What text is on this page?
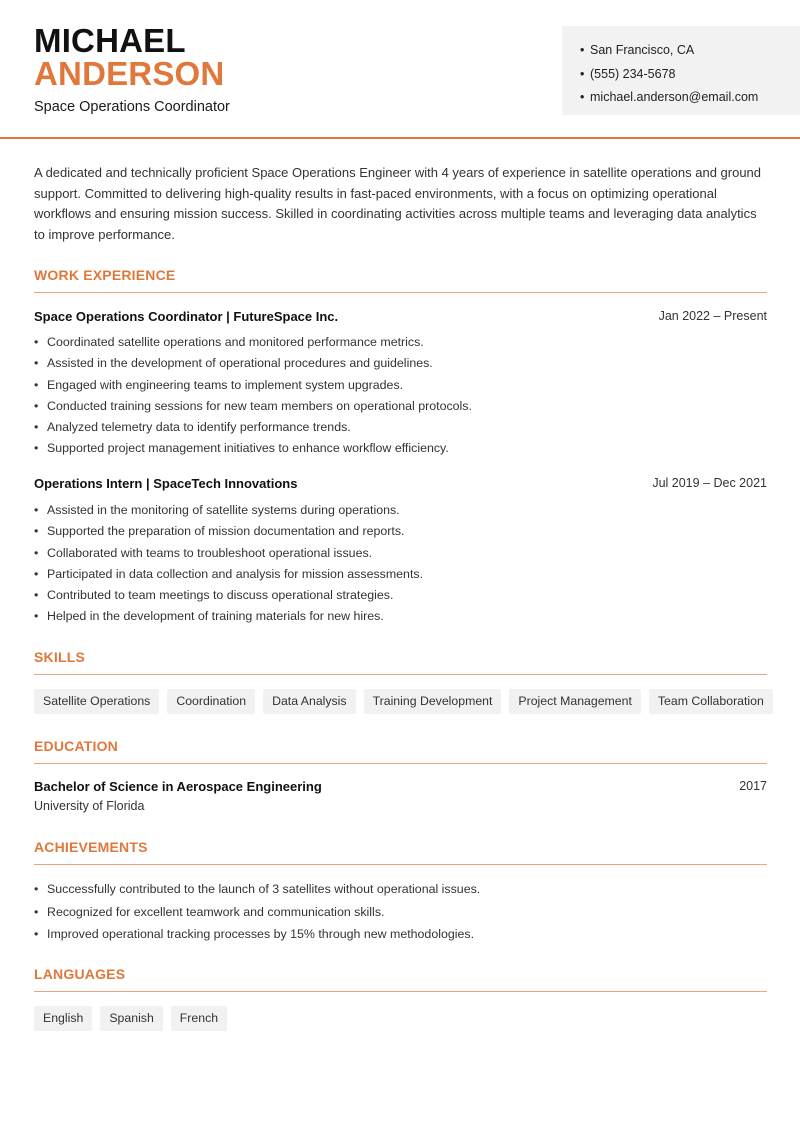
MICHAEL
ANDERSON
Space Operations Coordinator
• San Francisco, CA
• (555) 234-5678
• michael.anderson@email.com
A dedicated and technically proficient Space Operations Engineer with 4 years of experience in satellite operations and ground support. Committed to delivering high-quality results in fast-paced environments, with a focus on optimizing operational workflows and ensuring mission success. Skilled in coordinating activities across multiple teams and leveraging data analytics to improve performance.
WORK EXPERIENCE
Space Operations Coordinator | FutureSpace Inc.	Jan 2022 – Present
• Coordinated satellite operations and monitored performance metrics.
• Assisted in the development of operational procedures and guidelines.
• Engaged with engineering teams to implement system upgrades.
• Conducted training sessions for new team members on operational protocols.
• Analyzed telemetry data to identify performance trends.
• Supported project management initiatives to enhance workflow efficiency.
Operations Intern | SpaceTech Innovations	Jul 2019 – Dec 2021
• Assisted in the monitoring of satellite systems during operations.
• Supported the preparation of mission documentation and reports.
• Collaborated with teams to troubleshoot operational issues.
• Participated in data collection and analysis for mission assessments.
• Contributed to team meetings to discuss operational strategies.
• Helped in the development of training materials for new hires.
SKILLS
Satellite Operations	Coordination	Data Analysis	Training Development	Project Management	Team Collaboration
EDUCATION
Bachelor of Science in Aerospace Engineering	2017
University of Florida
ACHIEVEMENTS
• Successfully contributed to the launch of 3 satellites without operational issues.
• Recognized for excellent teamwork and communication skills.
• Improved operational tracking processes by 15% through new methodologies.
LANGUAGES
English	Spanish	French
